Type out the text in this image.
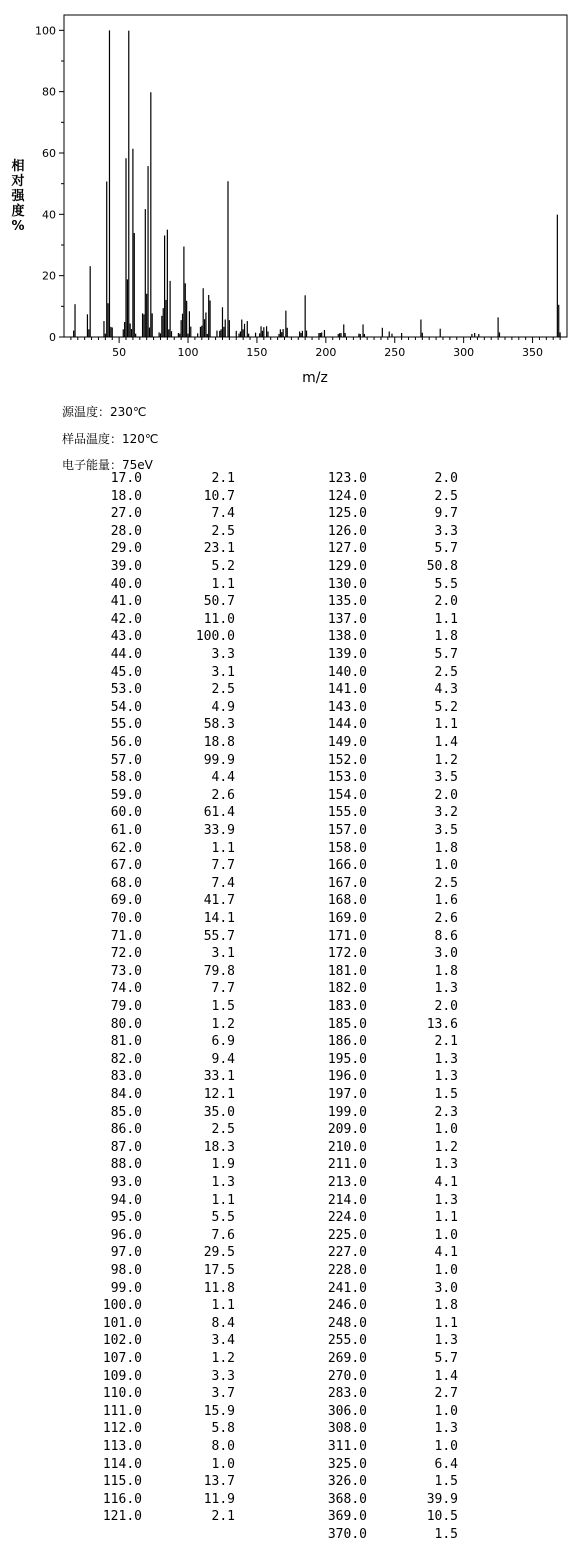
50	100	150	200	250	300	350
0
20
40
60
80
100
m/z
相对强度%
源温度：230℃
样品温度：120℃
电子能量：75eV
17.0	2.1	123.0	2.0
18.0	10.7	124.0	2.5
27.0	7.4	125.0	9.7
28.0	2.5	126.0	3.3
29.0	23.1	127.0	5.7
39.0	5.2	129.0	50.8
40.0	1.1	130.0	5.5
41.0	50.7	135.0	2.0
42.0	11.0	137.0	1.1
43.0	100.0	138.0	1.8
44.0	3.3	139.0	5.7
45.0	3.1	140.0	2.5
53.0	2.5	141.0	4.3
54.0	4.9	143.0	5.2
55.0	58.3	144.0	1.1
56.0	18.8	149.0	1.4
57.0	99.9	152.0	1.2
58.0	4.4	153.0	3.5
59.0	2.6	154.0	2.0
60.0	61.4	155.0	3.2
61.0	33.9	157.0	3.5
62.0	1.1	158.0	1.8
67.0	7.7	166.0	1.0
68.0	7.4	167.0	2.5
69.0	41.7	168.0	1.6
70.0	14.1	169.0	2.6
71.0	55.7	171.0	8.6
72.0	3.1	172.0	3.0
73.0	79.8	181.0	1.8
74.0	7.7	182.0	1.3
79.0	1.5	183.0	2.0
80.0	1.2	185.0	13.6
81.0	6.9	186.0	2.1
82.0	9.4	195.0	1.3
83.0	33.1	196.0	1.3
84.0	12.1	197.0	1.5
85.0	35.0	199.0	2.3
86.0	2.5	209.0	1.0
87.0	18.3	210.0	1.2
88.0	1.9	211.0	1.3
93.0	1.3	213.0	4.1
94.0	1.1	214.0	1.3
95.0	5.5	224.0	1.1
96.0	7.6	225.0	1.0
97.0	29.5	227.0	4.1
98.0	17.5	228.0	1.0
99.0	11.8	241.0	3.0
100.0	1.1	246.0	1.8
101.0	8.4	248.0	1.1
102.0	3.4	255.0	1.3
107.0	1.2	269.0	5.7
109.0	3.3	270.0	1.4
110.0	3.7	283.0	2.7
111.0	15.9	306.0	1.0
112.0	5.8	308.0	1.3
113.0	8.0	311.0	1.0
114.0	1.0	325.0	6.4
115.0	13.7	326.0	1.5
116.0	11.9	368.0	39.9
121.0	2.1	369.0	10.5
370.0	1.5
